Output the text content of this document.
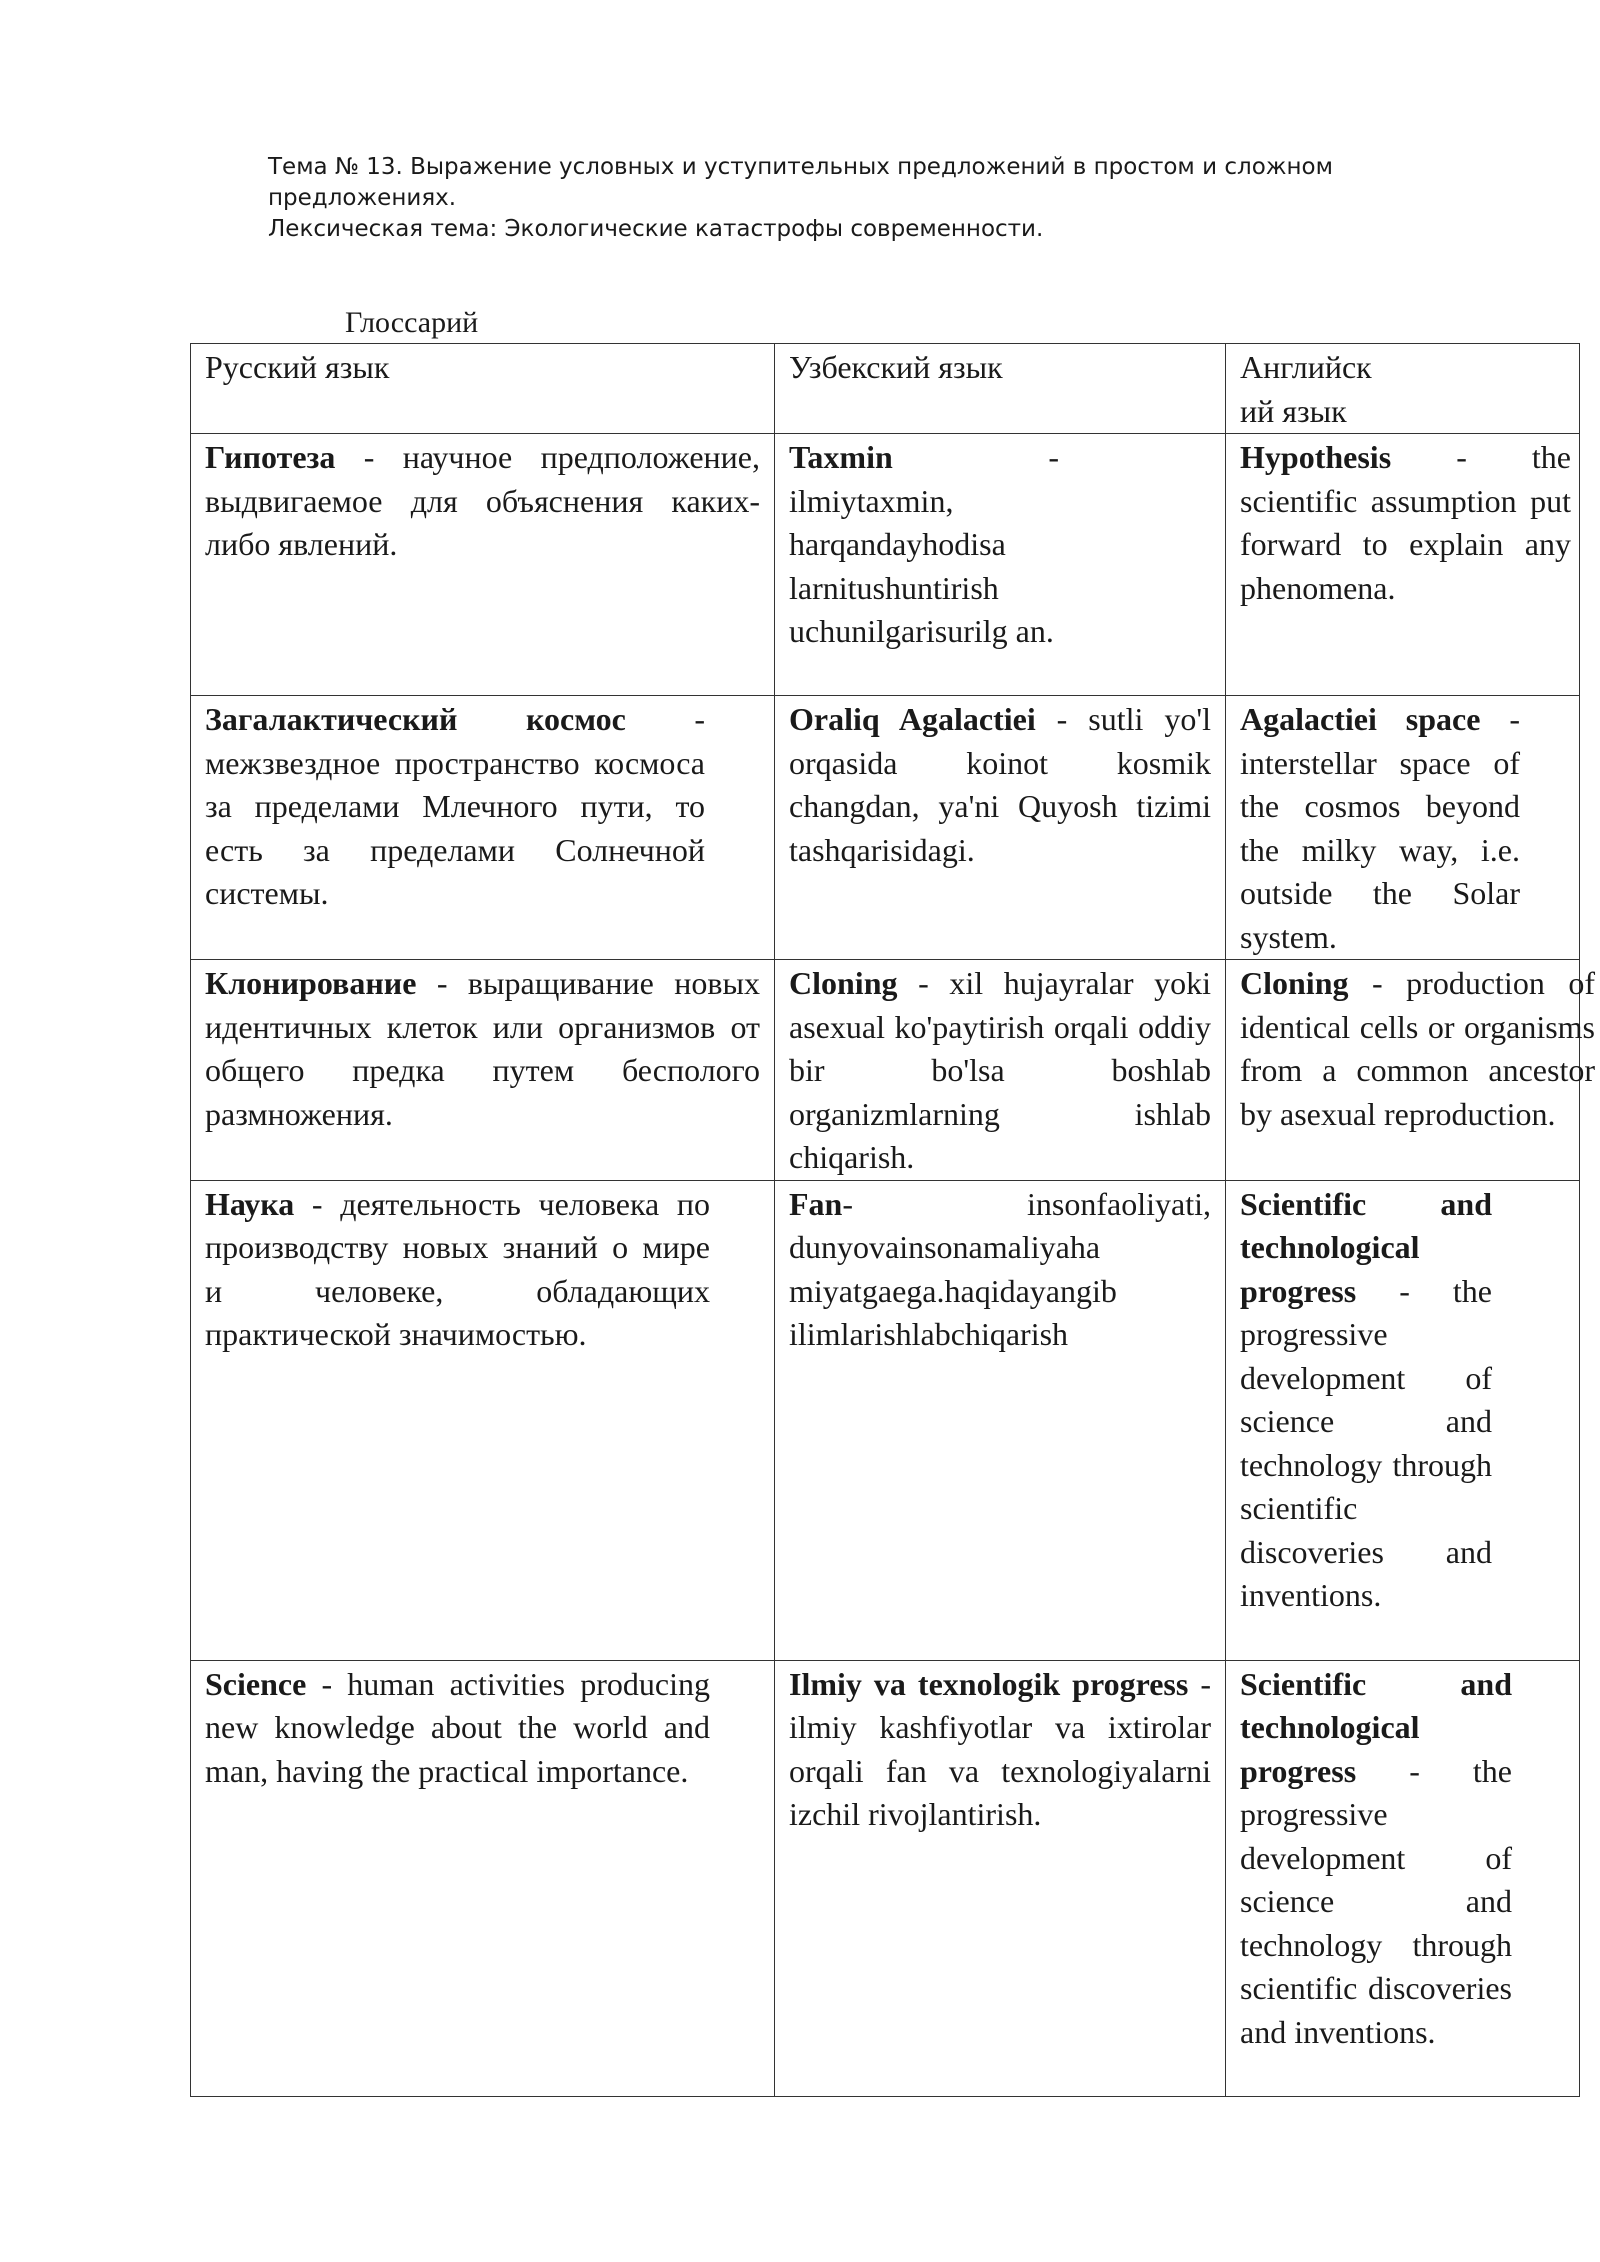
Тема № 13. Выражение условных и уступительных предложений в простом и сложном
предложениях.
Лексическая тема: Экологические катастрофы современности.
Глоссарий
Русский язык	Узбекский язык	Английск ий язык

Гипотеза - научное предположение, выдвигаемое для объяснения каких-либо явлений.	Taxmin - ilmiytaxmin, harqandayhodisa larnitushuntirish uchunilgarisurilg an.	Hypothesis - the scientific assumption put forward to explain any phenomena.

Загалактический космос - межзвездное пространство космоса за пределами Млечного пути, то есть за пределами Солнечной системы.	Oraliq Agalactiei - sutli yo'l orqasida koinot kosmik changdan, ya'ni Quyosh tizimi tashqarisidagi.	Agalactiei space - interstellar space of the cosmos beyond the milky way, i.e. outside the Solar system.

Клонирование - выращивание новых идентичных клеток или организмов от общего предка путем бесполого размножения.	Cloning - xil hujayralar yoki asexual ko'paytirish orqali oddiy bir bo'lsa boshlab organizmlarning ishlab chiqarish.	Cloning - production of identical cells or organisms from a common ancestor by asexual reproduction.

Наука - деятельность человека по производству новых знаний о мире и человеке, обладающих практической значимостью.	Fan- insonfaoliyati, dunyovainsonamaliyaha miyatgaega.haqidayangib ilimlarishlabchiqarish	Scientific and technological progress - the progressive development of science and technology through scientific discoveries and inventions.

Science - human activities producing new knowledge about the world and man, having the practical importance.	Ilmiy va texnologik progress - ilmiy kashfiyotlar va ixtirolar orqali fan va texnologiyalarni izchil rivojlantirish.	Scientific and technological progress - the progressive development of science and technology through scientific discoveries and inventions.
